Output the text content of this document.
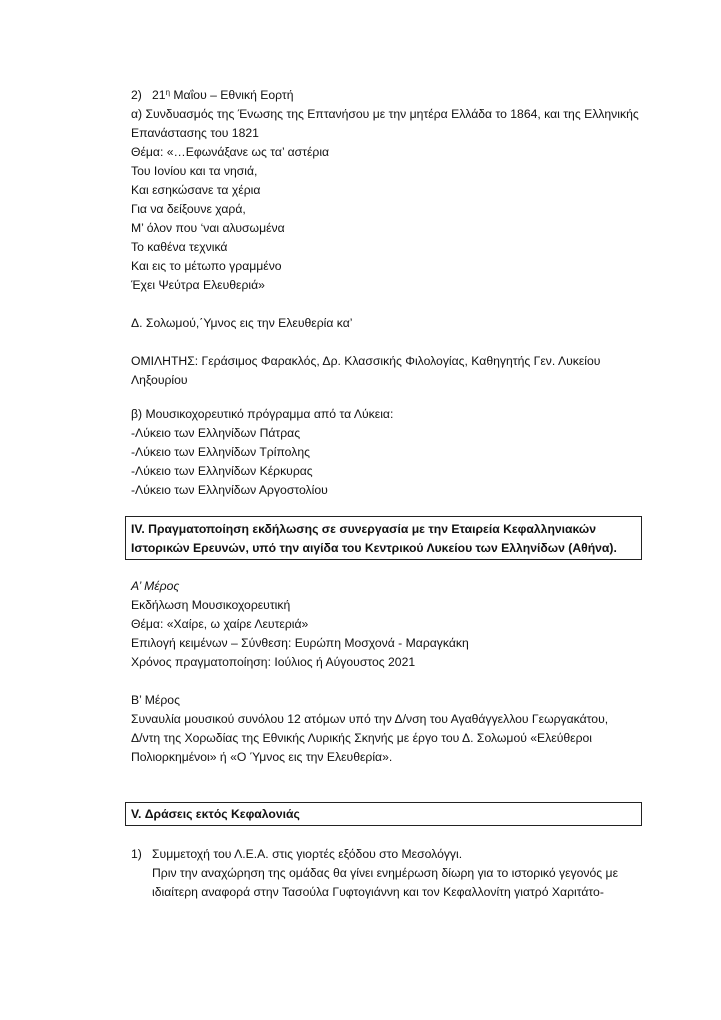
2) $21^\eta$ Μαΐου – Εθνική Εορτή
α) Συνδυασμός της Ένωσης της Επτανήσου με την μητέρα Ελλάδα το 1864, και της Ελληνικής
Επανάστασης του 1821
Θέμα: «…Εφωνάξανε ως τα’ αστέρια
Του Ιονίου και τα νησιά,
Και εσηκώσανε τα χέρια
Για να δείξουνε χαρά,
Μ’ όλον που ‘ναι αλυσωμένα
Το καθένα τεχνικά
Και εις το μέτωπο γραμμένο
Έχει Ψεύτρα Ελευθεριά»
Δ. Σολωμού,΄Υμνος εις την Ελευθερία κα’
ΟΜΙΛΗΤΗΣ: Γεράσιμος Φαρακλός, Δρ. Κλασσικής Φιλολογίας, Καθηγητής Γεν. Λυκείου
Ληξουρίου
β) Μουσικοχορευτικό πρόγραμμα από τα Λύκεια:
-Λύκειο των Ελληνίδων Πάτρας
-Λύκειο των Ελληνίδων Τρίπολης
-Λύκειο των Ελληνίδων Κέρκυρας
-Λύκειο των Ελληνίδων Αργοστολίου
IV. Πραγματοποίηση εκδήλωσης σε συνεργασία με την Εταιρεία Κεφαλληνιακών
Ιστορικών Ερευνών, υπό την αιγίδα του Κεντρικού Λυκείου των Ελληνίδων (Αθήνα).
Α’ Μέρος
Εκδήλωση Μουσικοχορευτική
Θέμα: «Χαίρε, ω χαίρε Λευτεριά»
Επιλογή κειμένων – Σύνθεση: Ευρώπη Μοσχονά - Μαραγκάκη
Χρόνος πραγματοποίηση: Ιούλιος ή Αύγουστος 2021
Β’ Μέρος
Συναυλία μουσικού συνόλου 12 ατόμων υπό την Δ/νση του Αγαθάγγελλου Γεωργακάτου,
Δ/ντη της Χορωδίας της Εθνικής Λυρικής Σκηνής με έργο του Δ. Σολωμού «Ελεύθεροι
Πολιορκημένοι» ή «Ο Ύμνος εις την Ελευθερία».
V. Δράσεις εκτός Κεφαλονιάς
1) Συμμετοχή του Λ.Ε.Α. στις γιορτές εξόδου στο Μεσολόγγι.
Πριν την αναχώρηση της ομάδας θα γίνει ενημέρωση δίωρη για το ιστορικό γεγονός με
ιδιαίτερη αναφορά στην Τασούλα Γυφτογιάννη και τον Κεφαλλονίτη γιατρό Χαριτάτο-
